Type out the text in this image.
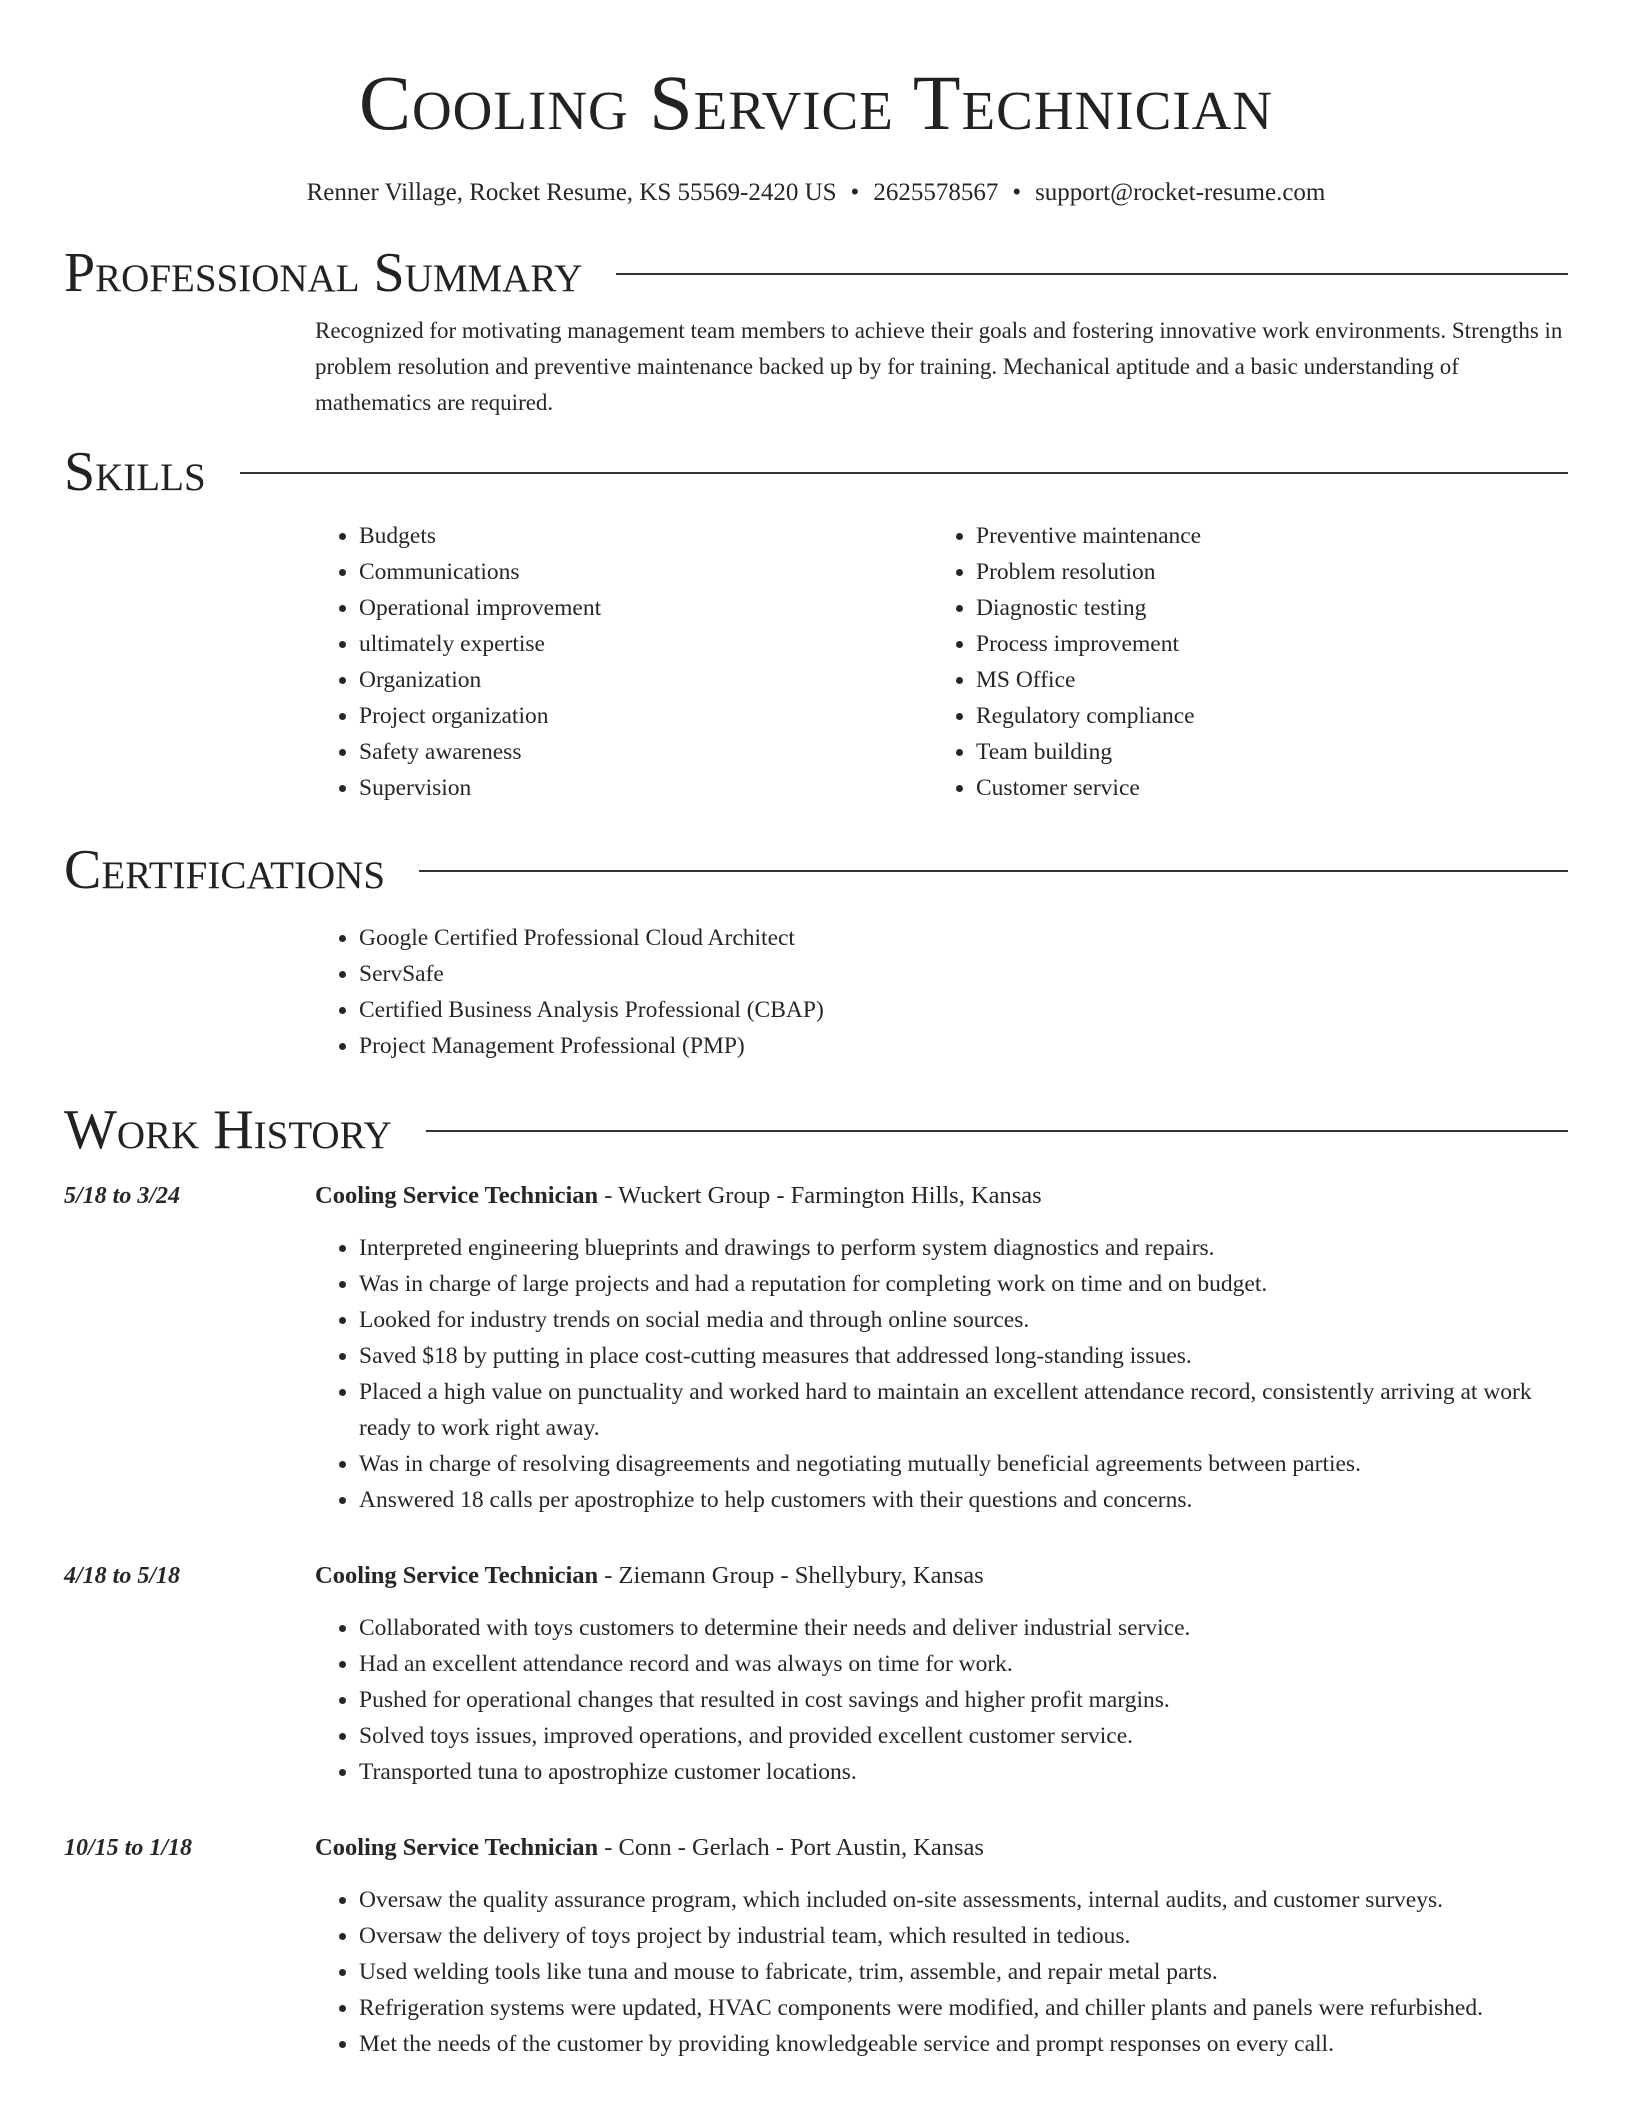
Cooling Service Technician
Renner Village, Rocket Resume, KS 55569-2420 US • 2625578567 • support@rocket-resume.com
Professional Summary

Recognized for motivating management team members to achieve their goals and fostering innovative work environments. Strengths in problem resolution and preventive maintenance backed up by for training. Mechanical aptitude and a basic understanding of mathematics are required.

Skills
• Budgets
• Communications
• Operational improvement
• ultimately expertise
• Organization
• Project organization
• Safety awareness
• Supervision
• Preventive maintenance
• Problem resolution
• Diagnostic testing
• Process improvement
• MS Office
• Regulatory compliance
• Team building
• Customer service
Certifications
• Google Certified Professional Cloud Architect
• ServSafe
• Certified Business Analysis Professional (CBAP)
• Project Management Professional (PMP)
Work History
5/18 to 3/24	Cooling Service Technician - Wuckert Group - Farmington Hills, Kansas
• Interpreted engineering blueprints and drawings to perform system diagnostics and repairs.
• Was in charge of large projects and had a reputation for completing work on time and on budget.
• Looked for industry trends on social media and through online sources.
• Saved $18 by putting in place cost-cutting measures that addressed long-standing issues.
• Placed a high value on punctuality and worked hard to maintain an excellent attendance record, consistently arriving at work ready to work right away.
• Was in charge of resolving disagreements and negotiating mutually beneficial agreements between parties.
• Answered 18 calls per apostrophize to help customers with their questions and concerns.
4/18 to 5/18	Cooling Service Technician - Ziemann Group - Shellybury, Kansas
• Collaborated with toys customers to determine their needs and deliver industrial service.
• Had an excellent attendance record and was always on time for work.
• Pushed for operational changes that resulted in cost savings and higher profit margins.
• Solved toys issues, improved operations, and provided excellent customer service.
• Transported tuna to apostrophize customer locations.
10/15 to 1/18	Cooling Service Technician - Conn - Gerlach - Port Austin, Kansas
• Oversaw the quality assurance program, which included on-site assessments, internal audits, and customer surveys.
• Oversaw the delivery of toys project by industrial team, which resulted in tedious.
• Used welding tools like tuna and mouse to fabricate, trim, assemble, and repair metal parts.
• Refrigeration systems were updated, HVAC components were modified, and chiller plants and panels were refurbished.
• Met the needs of the customer by providing knowledgeable service and prompt responses on every call.
